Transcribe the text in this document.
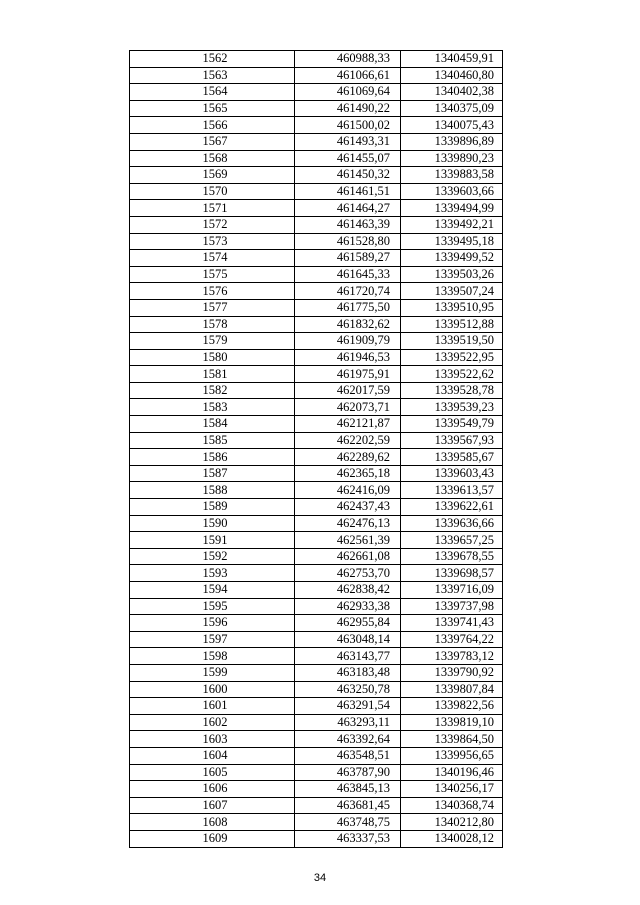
1562	460988,33	1340459,91
1563	461066,61	1340460,80
1564	461069,64	1340402,38
1565	461490,22	1340375,09
1566	461500,02	1340075,43
1567	461493,31	1339896,89
1568	461455,07	1339890,23
1569	461450,32	1339883,58
1570	461461,51	1339603,66
1571	461464,27	1339494,99
1572	461463,39	1339492,21
1573	461528,80	1339495,18
1574	461589,27	1339499,52
1575	461645,33	1339503,26
1576	461720,74	1339507,24
1577	461775,50	1339510,95
1578	461832,62	1339512,88
1579	461909,79	1339519,50
1580	461946,53	1339522,95
1581	461975,91	1339522,62
1582	462017,59	1339528,78
1583	462073,71	1339539,23
1584	462121,87	1339549,79
1585	462202,59	1339567,93
1586	462289,62	1339585,67
1587	462365,18	1339603,43
1588	462416,09	1339613,57
1589	462437,43	1339622,61
1590	462476,13	1339636,66
1591	462561,39	1339657,25
1592	462661,08	1339678,55
1593	462753,70	1339698,57
1594	462838,42	1339716,09
1595	462933,38	1339737,98
1596	462955,84	1339741,43
1597	463048,14	1339764,22
1598	463143,77	1339783,12
1599	463183,48	1339790,92
1600	463250,78	1339807,84
1601	463291,54	1339822,56
1602	463293,11	1339819,10
1603	463392,64	1339864,50
1604	463548,51	1339956,65
1605	463787,90	1340196,46
1606	463845,13	1340256,17
1607	463681,45	1340368,74
1608	463748,75	1340212,80
1609	463337,53	1340028,12
34
